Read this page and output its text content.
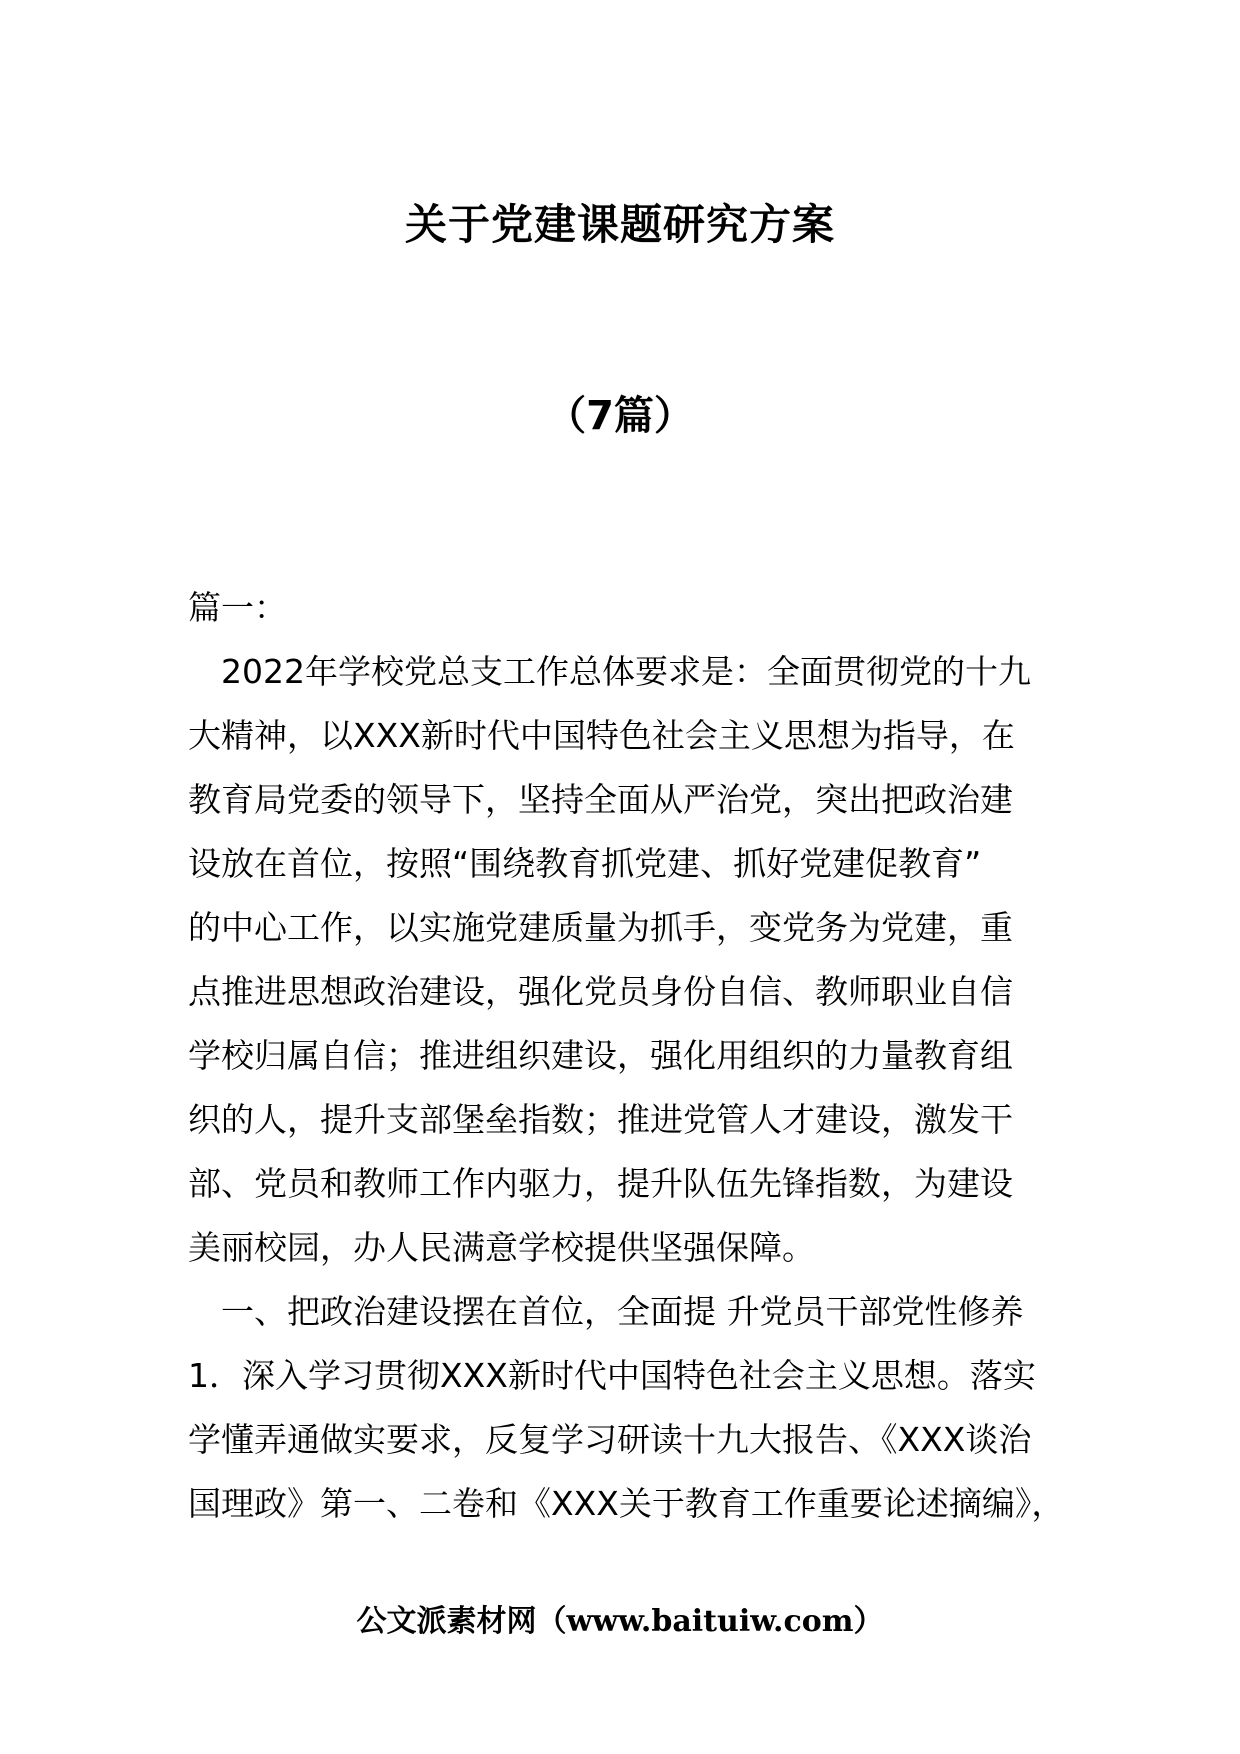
关于党建课题研究方案
（7篇）
篇一：
2022年学校党总支工作总体要求是：全面贯彻党的十九
大精神，以XXX新时代中国特色社会主义思想为指导，在
教育局党委的领导下，坚持全面从严治党，突出把政治建
设放在首位，按照“围绕教育抓党建、抓好党建促教育”
的中心工作，以实施党建质量为抓手，变党务为党建，重
点推进思想政治建设，强化党员身份自信、教师职业自信
学校归属自信；推进组织建设，强化用组织的力量教育组
织的人，提升支部堡垒指数；推进党管人才建设，激发干
部、党员和教师工作内驱力，提升队伍先锋指数，为建设
美丽校园，办人民满意学校提供坚强保障。
一、把政治建设摆在首位，全面提 升党员干部党性修养
1．深入学习贯彻XXX新时代中国特色社会主义思想。落实
学懂弄通做实要求，反复学习研读十九大报告、《XXX谈治
国理政》第一、二卷和《XXX关于教育工作重要论述摘编》，
公文派素材网（www.baituiw.com）
